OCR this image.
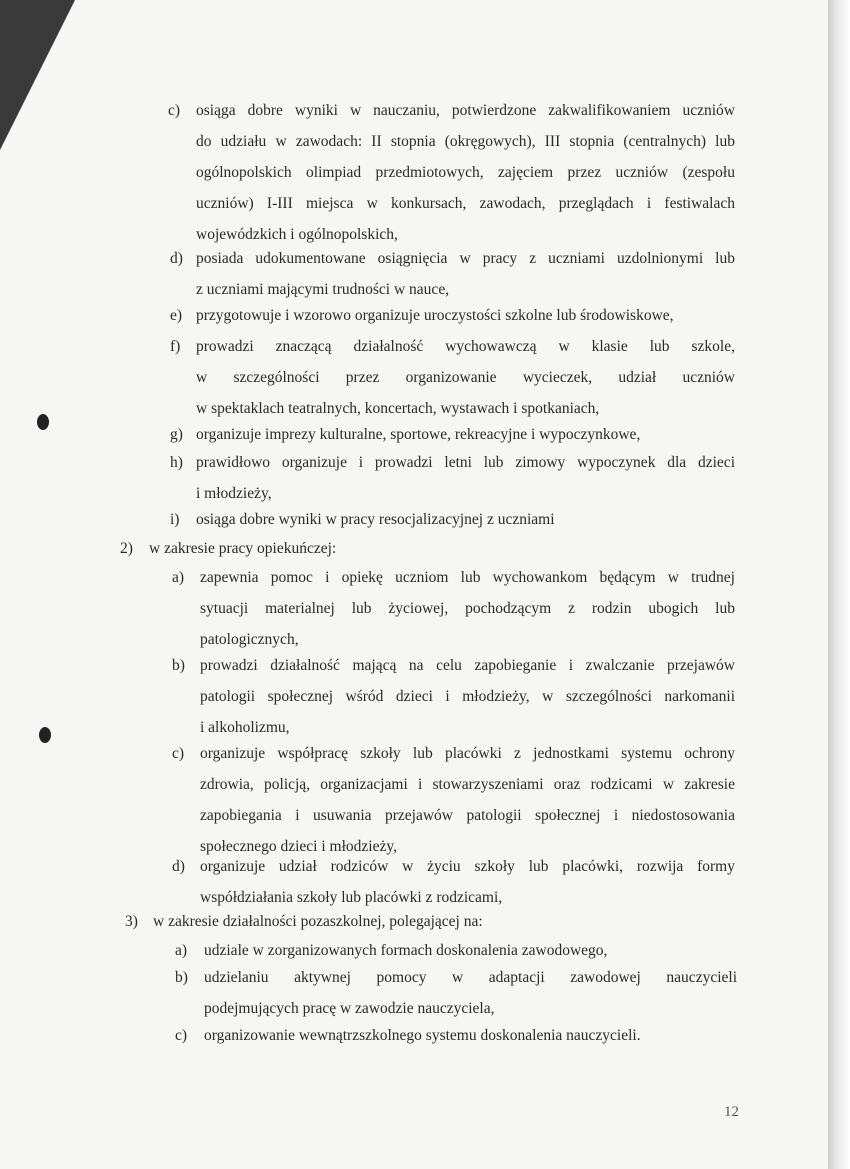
c) osiąga dobre wyniki w nauczaniu, potwierdzone zakwalifikowaniem uczniów
do udziału w zawodach: II stopnia (okręgowych), III stopnia (centralnych) lub
ogólnopolskich olimpiad przedmiotowych, zajęciem przez uczniów (zespołu
uczniów) I-III miejsca w konkursach, zawodach, przeglądach i festiwalach
wojewódzkich i ogólnopolskich,
d) posiada udokumentowane osiągnięcia w pracy z uczniami uzdolnionymi lub
z uczniami mającymi trudności w nauce,
e) przygotowuje i wzorowo organizuje uroczystości szkolne lub środowiskowe,
f) prowadzi znaczącą działalność wychowawczą w klasie lub szkole,
w szczególności przez organizowanie wycieczek, udział uczniów
w spektaklach teatralnych, koncertach, wystawach i spotkaniach,
g) organizuje imprezy kulturalne, sportowe, rekreacyjne i wypoczynkowe,
h) prawidłowo organizuje i prowadzi letni lub zimowy wypoczynek dla dzieci
i młodzieży,
i) osiąga dobre wyniki w pracy resocjalizacyjnej z uczniami
2) w zakresie pracy opiekuńczej:
a) zapewnia pomoc i opiekę uczniom lub wychowankom będącym w trudnej
sytuacji materialnej lub życiowej, pochodzącym z rodzin ubogich lub
patologicznych,
b) prowadzi działalność mającą na celu zapobieganie i zwalczanie przejawów
patologii społecznej wśród dzieci i młodzieży, w szczególności narkomanii
i alkoholizmu,
c) organizuje współpracę szkoły lub placówki z jednostkami systemu ochrony
zdrowia, policją, organizacjami i stowarzyszeniami oraz rodzicami w zakresie
zapobiegania i usuwania przejawów patologii społecznej i niedostosowania
społecznego dzieci i młodzieży,
d) organizuje udział rodziców w życiu szkoły lub placówki, rozwija formy
współdziałania szkoły lub placówki z rodzicami,
3) w zakresie działalności pozaszkolnej, polegającej na:
a) udziale w zorganizowanych formach doskonalenia zawodowego,
b) udzielaniu aktywnej pomocy w adaptacji zawodowej nauczycieli
podejmujących pracę w zawodzie nauczyciela,
c) organizowanie wewnątrzszkolnego systemu doskonalenia nauczycieli.
12
